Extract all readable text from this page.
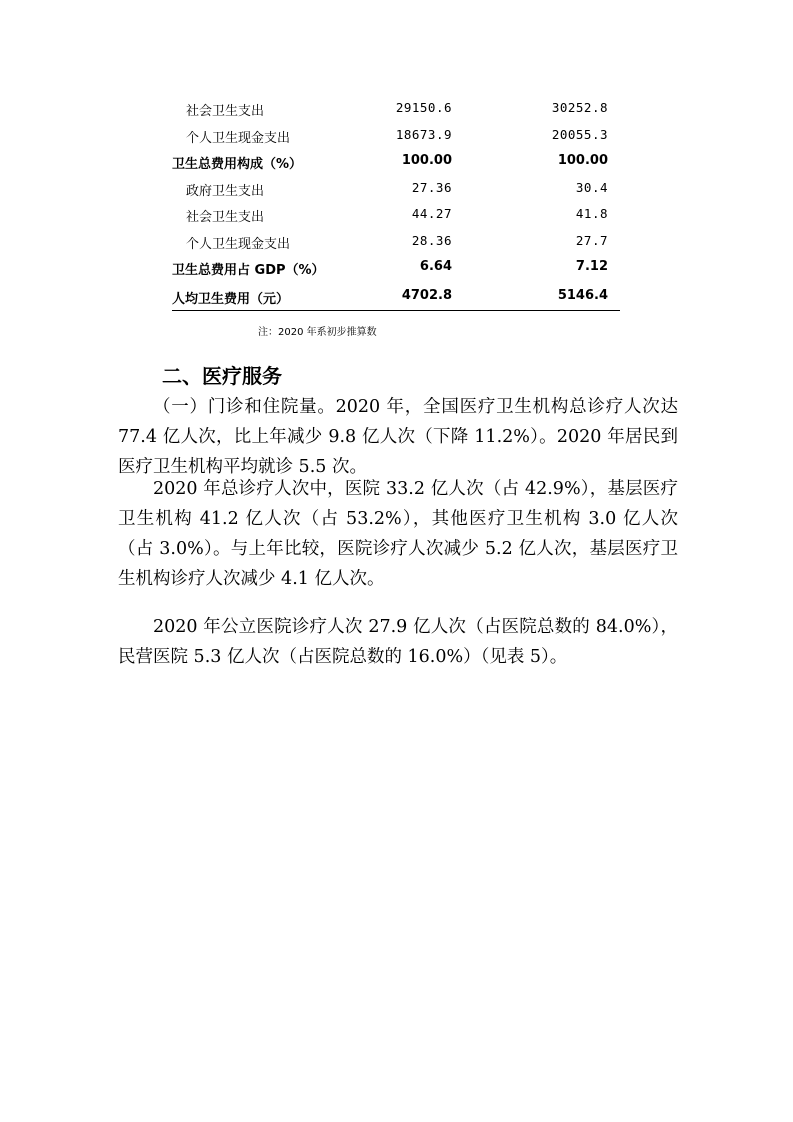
社会卫生支出	29150.6	30252.8
个人卫生现金支出	18673.9	20055.3
卫生总费用构成（%）	100.00	100.00
政府卫生支出	27.36	30.4
社会卫生支出	44.27	41.8
个人卫生现金支出	28.36	27.7
卫生总费用占 GDP（%）	6.64	7.12
人均卫生费用（元）	4702.8	5146.4
注：2020 年系初步推算数
二、医疗服务

（一）门诊和住院量。2020 年，全国医疗卫生机构总诊疗人次达 77.4 亿人次，比上年减少 9.8 亿人次（下降 11.2%）。2020 年居民到医疗卫生机构平均就诊 5.5 次。

2020 年总诊疗人次中，医院 33.2 亿人次（占 42.9%），基层医疗卫生机构 41.2 亿人次（占 53.2%），其他医疗卫生机构 3.0 亿人次（占 3.0%）。与上年比较，医院诊疗人次减少 5.2 亿人次，基层医疗卫生机构诊疗人次减少 4.1 亿人次。

2020 年公立医院诊疗人次 27.9 亿人次（占医院总数的 84.0%），民营医院 5.3 亿人次（占医院总数的 16.0%）（见表 5）。
